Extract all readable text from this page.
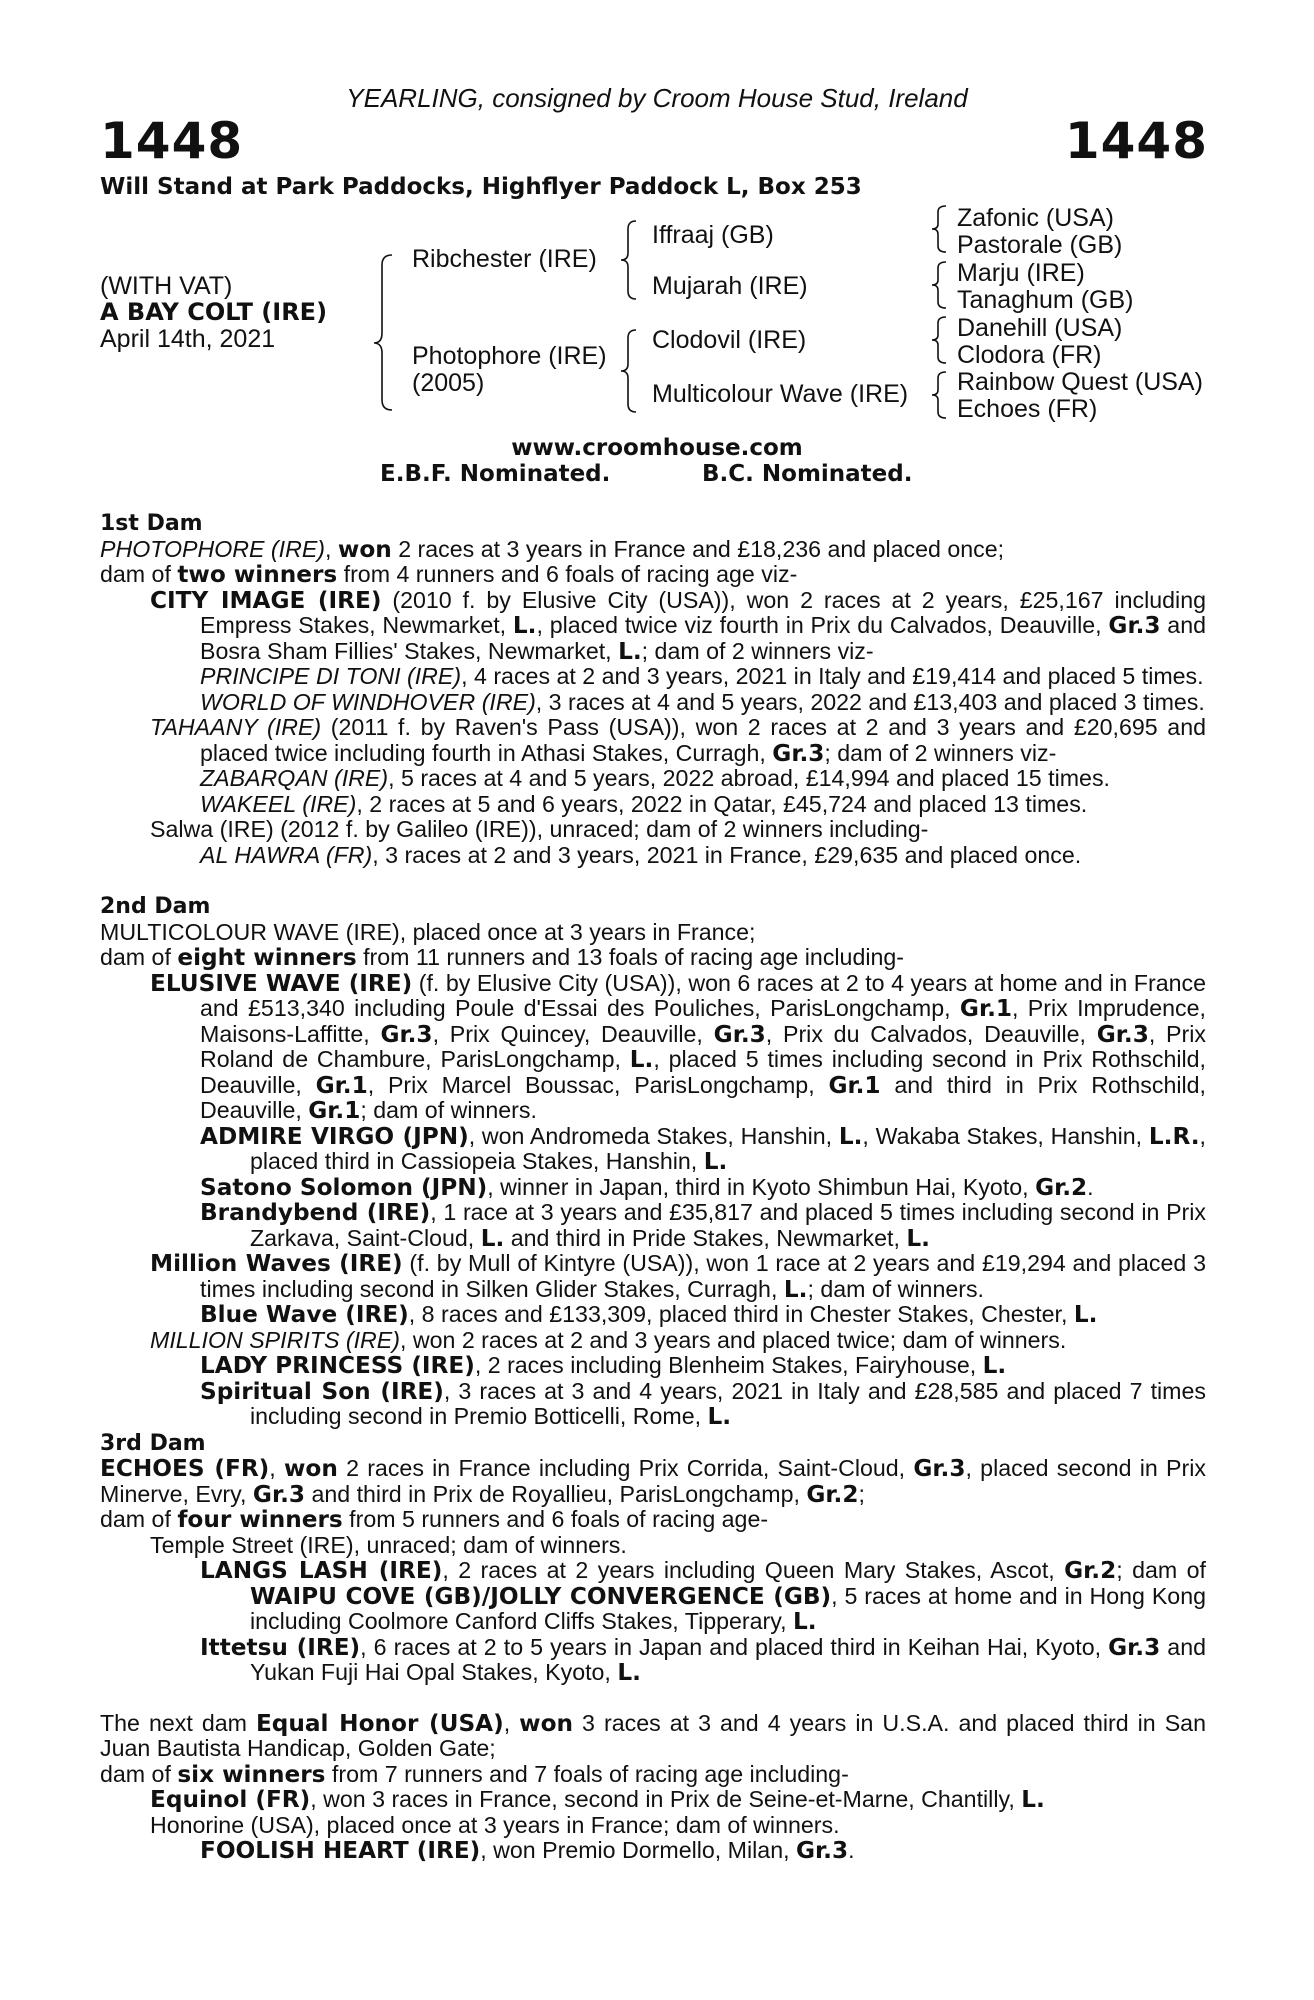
1448	1448
YEARLING, consigned by Croom House Stud, Ireland
Will Stand at Park Paddocks, Highflyer Paddock L, Box 253
(WITH VAT)
A BAY COLT (IRE)
April 14th, 2021
Ribchester (IRE)
Photophore (IRE)
(2005)
Iffraaj (GB)
Mujarah (IRE)
Clodovil (IRE)
Multicolour Wave (IRE)
Zafonic (USA)
Pastorale (GB)
Marju (IRE)
Tanaghum (GB)
Danehill (USA)
Clodora (FR)
Rainbow Quest (USA)
Echoes (FR)
www.croomhouse.com
E.B.F. Nominated.	B.C. Nominated.

1st Dam

PHOTOPHORE (IRE), won 2 races at 3 years in France and £18,236 and placed once;

dam of two winners from 4 runners and 6 foals of racing age viz-

CITY IMAGE (IRE) (2010 f. by Elusive City (USA)), won 2 races at 2 years, £25,167 including Empress Stakes, Newmarket, L., placed twice viz fourth in Prix du Calvados, Deauville, Gr.3 and Bosra Sham Fillies' Stakes, Newmarket, L.; dam of 2 winners viz-

PRINCIPE DI TONI (IRE), 4 races at 2 and 3 years, 2021 in Italy and £19,414 and placed 5 times.

WORLD OF WINDHOVER (IRE), 3 races at 4 and 5 years, 2022 and £13,403 and placed 3 times.

TAHAANY (IRE) (2011 f. by Raven's Pass (USA)), won 2 races at 2 and 3 years and £20,695 and placed twice including fourth in Athasi Stakes, Curragh, Gr.3; dam of 2 winners viz-

ZABARQAN (IRE), 5 races at 4 and 5 years, 2022 abroad, £14,994 and placed 15 times.

WAKEEL (IRE), 2 races at 5 and 6 years, 2022 in Qatar, £45,724 and placed 13 times.

Salwa (IRE) (2012 f. by Galileo (IRE)), unraced; dam of 2 winners including-

AL HAWRA (FR), 3 races at 2 and 3 years, 2021 in France, £29,635 and placed once.

2nd Dam

MULTICOLOUR WAVE (IRE), placed once at 3 years in France;

dam of eight winners from 11 runners and 13 foals of racing age including-

ELUSIVE WAVE (IRE) (f. by Elusive City (USA)), won 6 races at 2 to 4 years at home and in France and £513,340 including Poule d'Essai des Pouliches, ParisLongchamp, Gr.1, Prix Imprudence, Maisons-Laffitte, Gr.3, Prix Quincey, Deauville, Gr.3, Prix du Calvados, Deauville, Gr.3, Prix Roland de Chambure, ParisLongchamp, L., placed 5 times including second in Prix Rothschild, Deauville, Gr.1, Prix Marcel Boussac, ParisLongchamp, Gr.1 and third in Prix Rothschild, Deauville, Gr.1; dam of winners.

ADMIRE VIRGO (JPN), won Andromeda Stakes, Hanshin, L., Wakaba Stakes, Hanshin, L.R., placed third in Cassiopeia Stakes, Hanshin, L.

Satono Solomon (JPN), winner in Japan, third in Kyoto Shimbun Hai, Kyoto, Gr.2.

Brandybend (IRE), 1 race at 3 years and £35,817 and placed 5 times including second in Prix Zarkava, Saint-Cloud, L. and third in Pride Stakes, Newmarket, L.

Million Waves (IRE) (f. by Mull of Kintyre (USA)), won 1 race at 2 years and £19,294 and placed 3 times including second in Silken Glider Stakes, Curragh, L.; dam of winners.

Blue Wave (IRE), 8 races and £133,309, placed third in Chester Stakes, Chester, L.

MILLION SPIRITS (IRE), won 2 races at 2 and 3 years and placed twice; dam of winners.

LADY PRINCESS (IRE), 2 races including Blenheim Stakes, Fairyhouse, L.

Spiritual Son (IRE), 3 races at 3 and 4 years, 2021 in Italy and £28,585 and placed 7 times including second in Premio Botticelli, Rome, L.

3rd Dam

ECHOES (FR), won 2 races in France including Prix Corrida, Saint-Cloud, Gr.3, placed second in Prix Minerve, Evry, Gr.3 and third in Prix de Royallieu, ParisLongchamp, Gr.2;

dam of four winners from 5 runners and 6 foals of racing age-

Temple Street (IRE), unraced; dam of winners.

LANGS LASH (IRE), 2 races at 2 years including Queen Mary Stakes, Ascot, Gr.2; dam of WAIPU COVE (GB)/JOLLY CONVERGENCE (GB), 5 races at home and in Hong Kong including Coolmore Canford Cliffs Stakes, Tipperary, L.

Ittetsu (IRE), 6 races at 2 to 5 years in Japan and placed third in Keihan Hai, Kyoto, Gr.3 and Yukan Fuji Hai Opal Stakes, Kyoto, L.

The next dam Equal Honor (USA), won 3 races at 3 and 4 years in U.S.A. and placed third in San Juan Bautista Handicap, Golden Gate;

dam of six winners from 7 runners and 7 foals of racing age including-

Equinol (FR), won 3 races in France, second in Prix de Seine-et-Marne, Chantilly, L.

Honorine (USA), placed once at 3 years in France; dam of winners.

FOOLISH HEART (IRE), won Premio Dormello, Milan, Gr.3.
